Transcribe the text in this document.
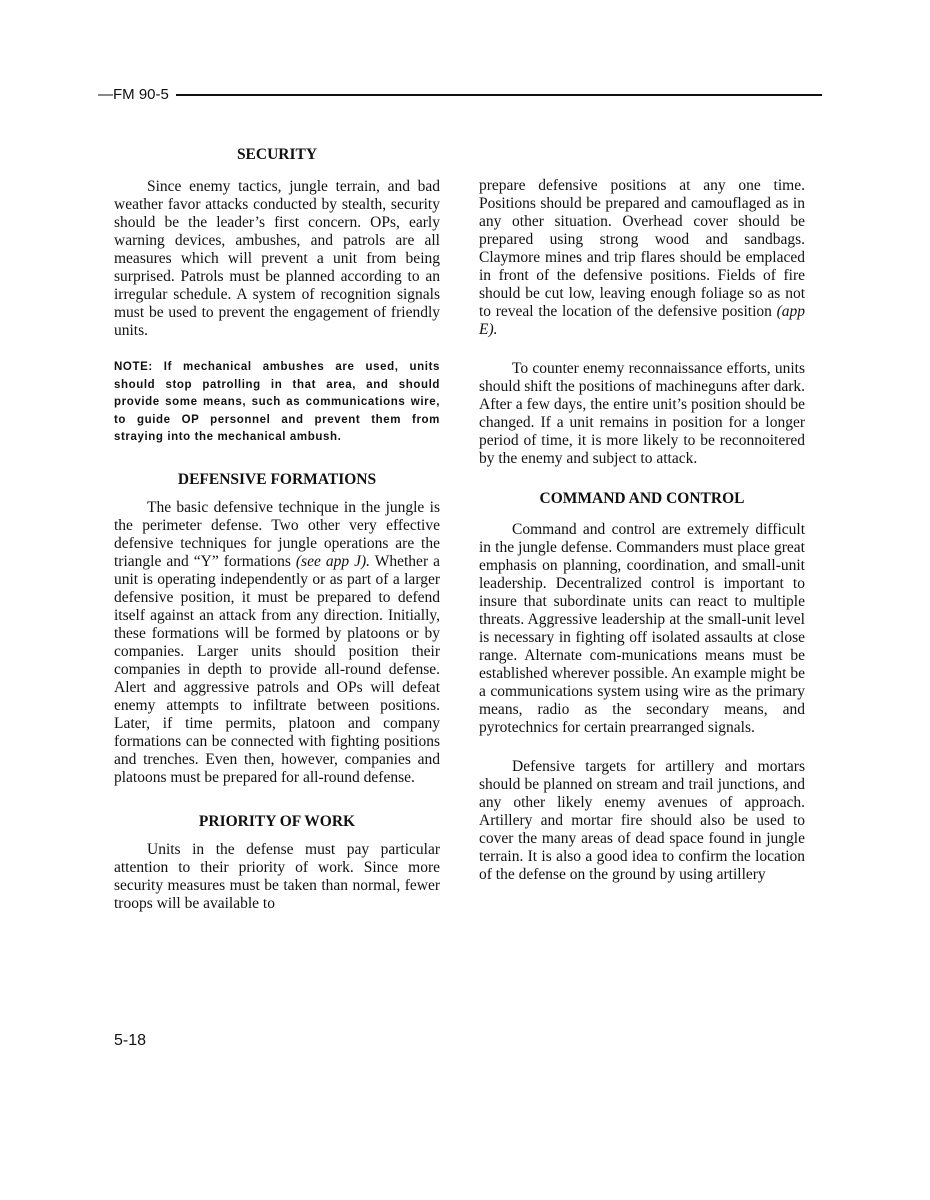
—FM 90-5
SECURITY

Since enemy tactics, jungle terrain, and bad weather favor attacks conducted by stealth, security should be the leader’s first concern. OPs, early warning devices, ambushes, and patrols are all measures which will prevent a unit from being surprised. Patrols must be planned according to an irregular schedule. A system of recognition signals must be used to prevent the engagement of friendly units.

NOTE: If mechanical ambushes are used, units should stop patrolling in that area, and should provide some means, such as communications wire, to guide OP personnel and prevent them from straying into the mechanical ambush.

DEFENSIVE FORMATIONS

The basic defensive technique in the jungle is the perimeter defense. Two other very effective defensive techniques for jungle operations are the triangle and “Y” formations (see app J). Whether a unit is operating independently or as part of a larger defensive position, it must be prepared to defend itself against an attack from any direction. Initially, these formations will be formed by platoons or by companies. Larger units should position their companies in depth to provide all-round defense. Alert and aggressive patrols and OPs will defeat enemy attempts to infiltrate between positions. Later, if time permits, platoon and company formations can be connected with fighting positions and trenches. Even then, however, companies and platoons must be prepared for all-round defense.

PRIORITY OF WORK

Units in the defense must pay particular attention to their priority of work. Since more security measures must be taken than normal, fewer troops will be available to

prepare defensive positions at any one time. Positions should be prepared and camouflaged as in any other situation. Overhead cover should be prepared using strong wood and sandbags. Claymore mines and trip flares should be emplaced in front of the defensive positions. Fields of fire should be cut low, leaving enough foliage so as not to reveal the location of the defensive position (app E).

To counter enemy reconnaissance efforts, units should shift the positions of machineguns after dark. After a few days, the entire unit’s position should be changed. If a unit remains in position for a longer period of time, it is more likely to be reconnoitered by the enemy and subject to attack.

COMMAND AND CONTROL

Command and control are extremely difficult in the jungle defense. Commanders must place great emphasis on planning, coordination, and small-unit leadership. Decentralized control is important to insure that subordinate units can react to multiple threats. Aggressive leadership at the small-unit level is necessary in fighting off isolated assaults at close range. Alternate com-munications means must be established wherever possible. An example might be a communications system using wire as the primary means, radio as the secondary means, and pyrotechnics for certain prearranged signals.

Defensive targets for artillery and mortars should be planned on stream and trail junctions, and any other likely enemy avenues of approach. Artillery and mortar fire should also be used to cover the many areas of dead space found in jungle terrain. It is also a good idea to confirm the location of the defense on the ground by using artillery

5-18
